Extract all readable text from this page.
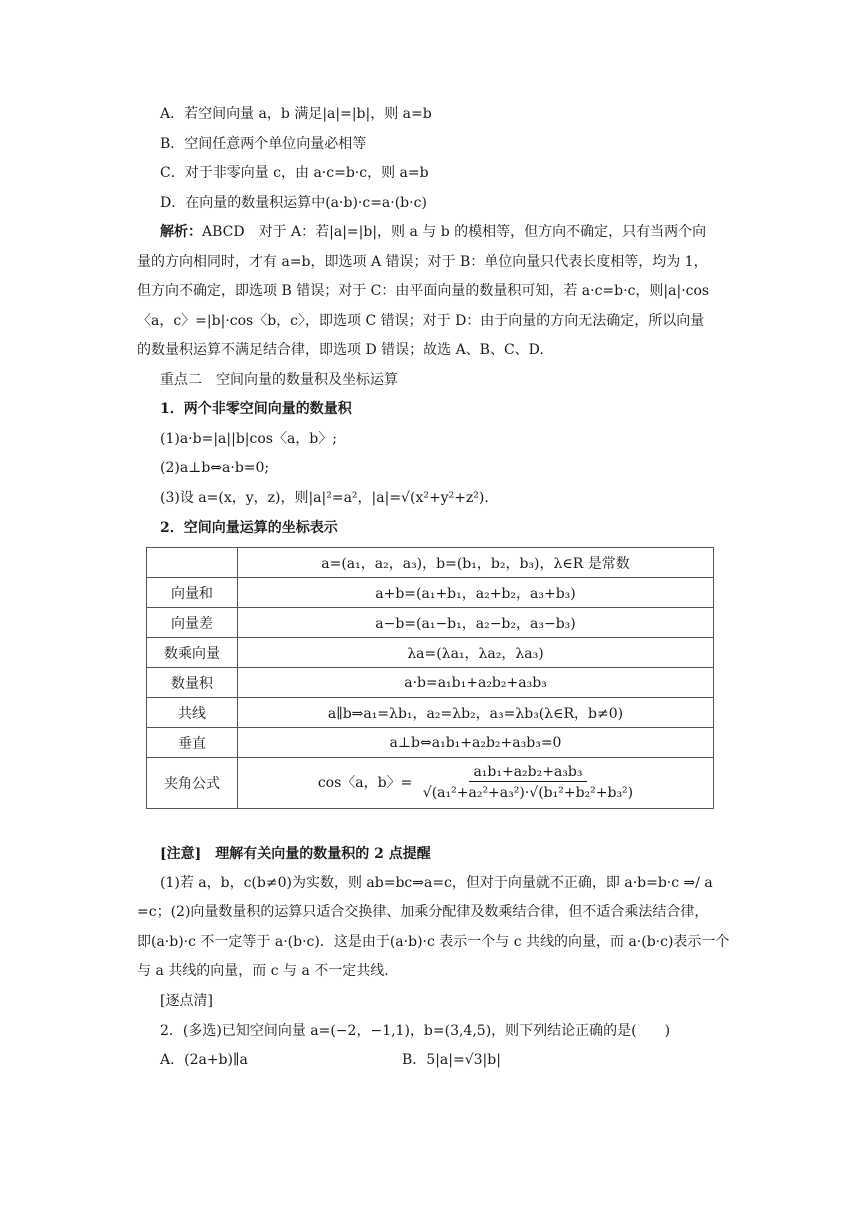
A．若空间向量 a，b 满足|a|=|b|，则 a=b
B．空间任意两个单位向量必相等
C．对于非零向量 c，由 a·c=b·c，则 a=b
D．在向量的数量积运算中(a·b)·c=a·(b·c)
解析：ABCD　对于 A：若|a|=|b|，则 a 与 b 的模相等，但方向不确定，只有当两个向
量的方向相同时，才有 a=b，即选项 A 错误；对于 B：单位向量只代表长度相等，均为 1，
但方向不确定，即选项 B 错误；对于 C：由平面向量的数量积可知，若 a·c=b·c，则|a|·cos
〈a，c〉=|b|·cos〈b，c〉，即选项 C 错误；对于 D：由于向量的方向无法确定，所以向量
的数量积运算不满足结合律，即选项 D 错误；故选 A、B、C、D.
重点二　空间向量的数量积及坐标运算
1．两个非零空间向量的数量积
(1)a·b=|a||b|cos〈a，b〉;
(2)a⊥b⇔a·b=0;
(3)设 a=(x，y，z)，则|a|²=a²，|a|=√(x²+y²+z²).
2．空间向量运算的坐标表示
	a=(a₁，a₂，a₃)，b=(b₁，b₂，b₃)，λ∈R 是常数
向量和	a+b=(a₁+b₁，a₂+b₂，a₃+b₃)
向量差	a−b=(a₁−b₁，a₂−b₂，a₃−b₃)
数乘向量	λa=(λa₁，λa₂，λa₃)
数量积	a·b=a₁b₁+a₂b₂+a₃b₃
共线	a∥b⇒a₁=λb₁，a₂=λb₂，a₃=λb₃(λ∈R，b≠0)
垂直	a⊥b⇔a₁b₁+a₂b₂+a₃b₃=0
夹角公式	cos〈a，b〉= $\frac{\text{a₁b₁+a₂b₂+a₃b₃}}{\text{√(a₁²+a₂²+a₃²)·√(b₁²+b₂²+b₃²)}}$
[注意]　理解有关向量的数量积的 2 点提醒
(1)若 a，b，c(b≠0)为实数，则 ab=bc⇒a=c，但对于向量就不正确，即 a·b=b·c ⇒/ a
=c；(2)向量数量积的运算只适合交换律、加乘分配律及数乘结合律，但不适合乘法结合律，
即(a·b)·c 不一定等于 a·(b·c)．这是由于(a·b)·c 表示一个与 c 共线的向量，而 a·(b·c)表示一个
与 a 共线的向量，而 c 与 a 不一定共线.
[逐点清]
2．(多选)已知空间向量 a=(−2，−1,1)，b=(3,4,5)，则下列结论正确的是(　　)
A．(2a+b)∥a	B．5|a|=√3|b|
